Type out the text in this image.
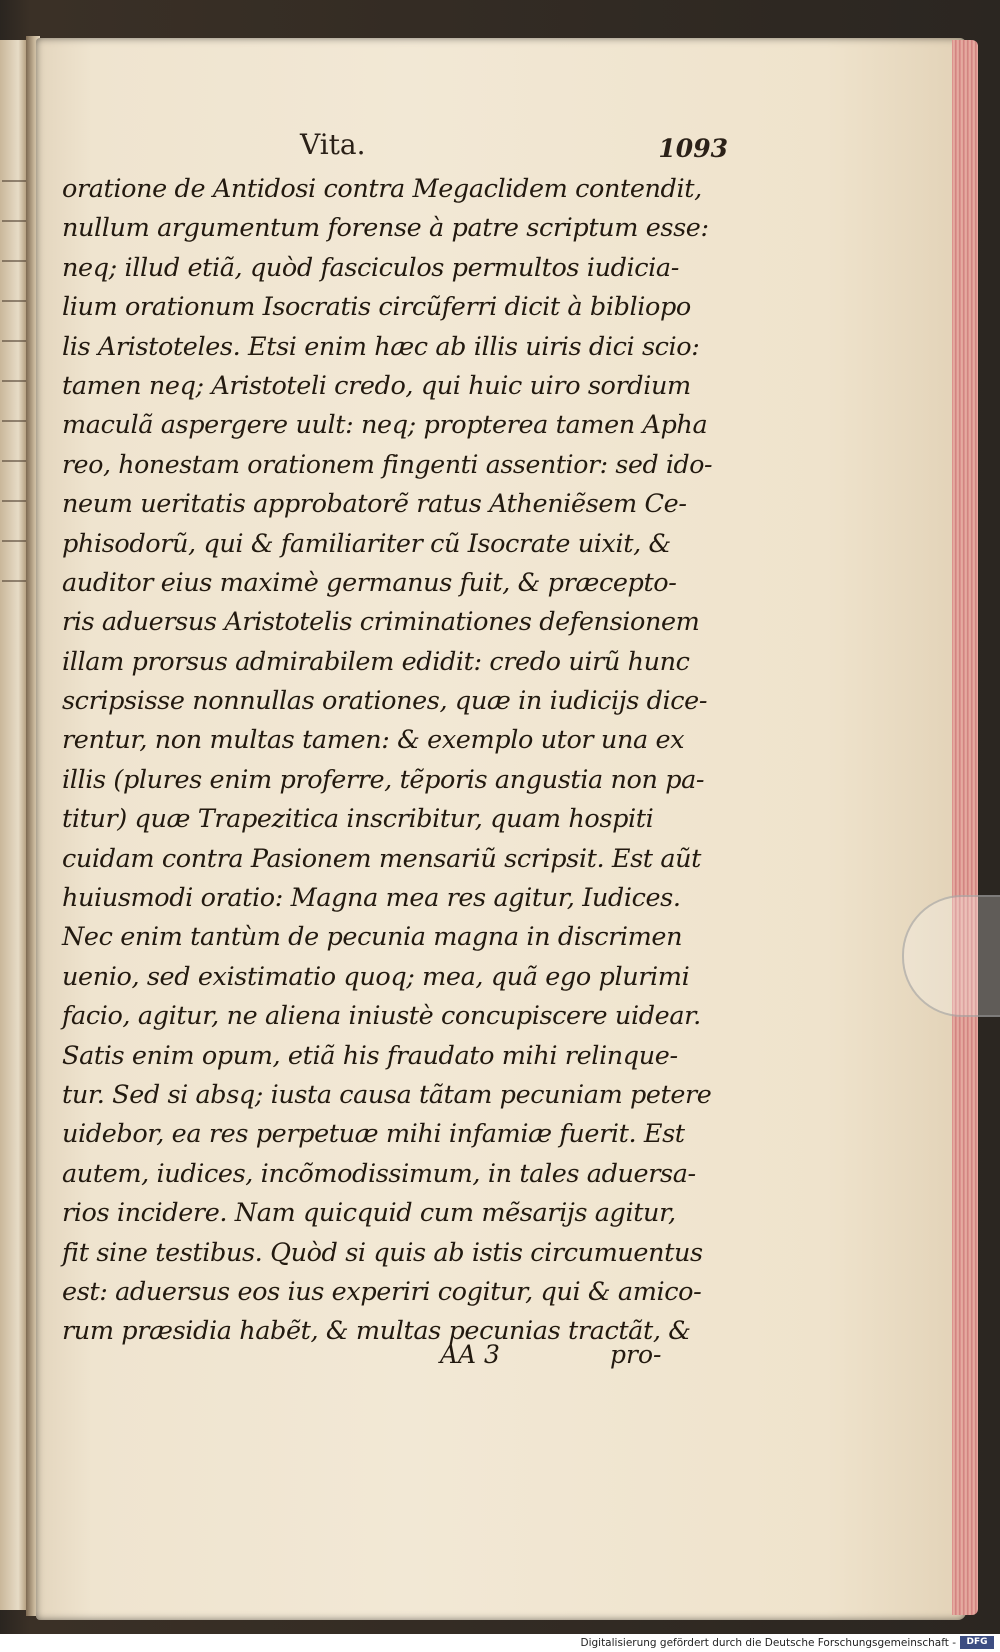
Vita.	1093
oratione de Antidosi contra Megaclidem contendit,
nullum argumentum forense à patre scriptum esse:
neq; illud etiã, quòd fasciculos permultos iudicia-
lium orationum Isocratis circũferri dicit à bibliopo
lis Aristoteles. Etsi enim hæc ab illis uiris dici scio:
tamen neq; Aristoteli credo, qui huic uiro sordium
maculã aspergere uult: neq; propterea tamen Apha
reo, honestam orationem fingenti assentior: sed ido-
neum ueritatis approbatorẽ ratus Atheniẽsem Ce-
phisodorũ, qui & familiariter cũ Isocrate uixit, &
auditor eius maximè germanus fuit, & præcepto-
ris aduersus Aristotelis criminationes defensionem
illam prorsus admirabilem edidit: credo uirũ hunc
scripsisse nonnullas orationes, quæ in iudicijs dice-
rentur, non multas tamen: & exemplo utor una ex
illis (plures enim proferre, tẽporis angustia non pa-
titur) quæ Trapezitica inscribitur, quam hospiti
cuidam contra Pasionem mensariũ scripsit. Est aũt
huiusmodi oratio: Magna mea res agitur, Iudices.
Nec enim tantùm de pecunia magna in discrimen
uenio, sed existimatio quoq; mea, quã ego plurimi
facio, agitur, ne aliena iniustè concupiscere uidear.
Satis enim opum, etiã his fraudato mihi relinque-
tur. Sed si absq; iusta causa tãtam pecuniam petere
uidebor, ea res perpetuæ mihi infamiæ fuerit. Est
autem, iudices, incõmodissimum, in tales aduersa-
rios incidere. Nam quicquid cum mẽsarijs agitur,
fit sine testibus. Quòd si quis ab istis circumuentus
est: aduersus eos ius experiri cogitur, qui & amico-
rum præsidia habẽt, & multas pecunias tractãt, &
AA 3	pro-
Digitalisierung gefördert durch die Deutsche Forschungsgemeinschaft -	DFG
